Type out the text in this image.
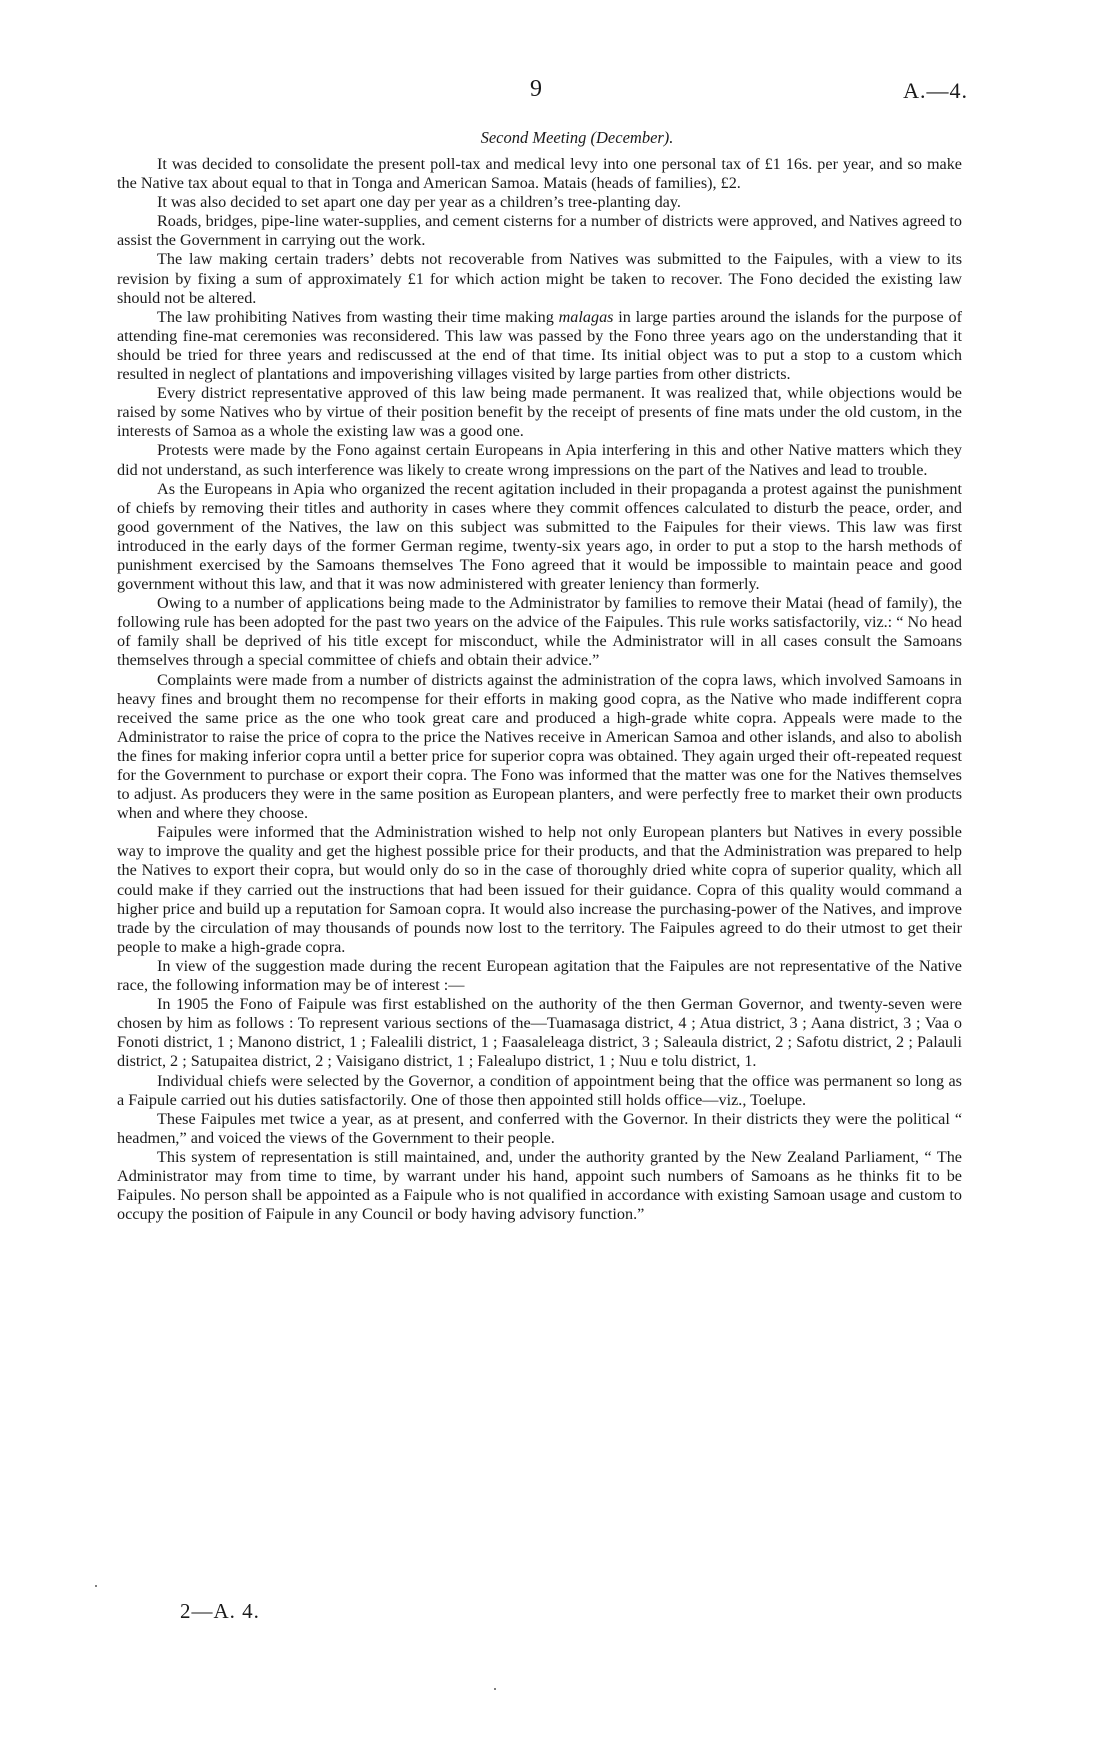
9	A.—4.
Second Meeting (December).

It was decided to consolidate the present poll-tax and medical levy into one personal tax of £1 16s. per year, and so make the Native tax about equal to that in Tonga and American Samoa. Matais (heads of families), £2.

It was also decided to set apart one day per year as a children’s tree-planting day.

Roads, bridges, pipe-line water-supplies, and cement cisterns for a number of districts were approved, and Natives agreed to assist the Government in carrying out the work.

The law making certain traders’ debts not recoverable from Natives was submitted to the Faipules, with a view to its revision by fixing a sum of approximately £1 for which action might be taken to recover. The Fono decided the existing law should not be altered.

The law prohibiting Natives from wasting their time making malagas in large parties around the islands for the purpose of attending fine-mat ceremonies was reconsidered. This law was passed by the Fono three years ago on the understanding that it should be tried for three years and rediscussed at the end of that time. Its initial object was to put a stop to a custom which resulted in neglect of plantations and impoverishing villages visited by large parties from other districts.

Every district representative approved of this law being made permanent. It was realized that, while objections would be raised by some Natives who by virtue of their position benefit by the receipt of presents of fine mats under the old custom, in the interests of Samoa as a whole the existing law was a good one.

Protests were made by the Fono against certain Europeans in Apia interfering in this and other Native matters which they did not understand, as such interference was likely to create wrong impressions on the part of the Natives and lead to trouble.

As the Europeans in Apia who organized the recent agitation included in their propaganda a protest against the punishment of chiefs by removing their titles and authority in cases where they commit offences calculated to disturb the peace, order, and good government of the Natives, the law on this subject was submitted to the Faipules for their views. This law was first introduced in the early days of the former German regime, twenty-six years ago, in order to put a stop to the harsh methods of punishment exercised by the Samoans themselves The Fono agreed that it would be impossible to maintain peace and good government without this law, and that it was now administered with greater leniency than formerly.

Owing to a number of applications being made to the Administrator by families to remove their Matai (head of family), the following rule has been adopted for the past two years on the advice of the Faipules. This rule works satisfactorily, viz.: “ No head of family shall be deprived of his title except for misconduct, while the Administrator will in all cases consult the Samoans themselves through a special committee of chiefs and obtain their advice.”

Complaints were made from a number of districts against the administration of the copra laws, which involved Samoans in heavy fines and brought them no recompense for their efforts in making good copra, as the Native who made indifferent copra received the same price as the one who took great care and produced a high-grade white copra. Appeals were made to the Administrator to raise the price of copra to the price the Natives receive in American Samoa and other islands, and also to abolish the fines for making inferior copra until a better price for superior copra was obtained. They again urged their oft-repeated request for the Government to purchase or export their copra. The Fono was informed that the matter was one for the Natives themselves to adjust. As producers they were in the same position as European planters, and were perfectly free to market their own products when and where they choose.

Faipules were informed that the Administration wished to help not only European planters but Natives in every possible way to improve the quality and get the highest possible price for their products, and that the Administration was prepared to help the Natives to export their copra, but would only do so in the case of thoroughly dried white copra of superior quality, which all could make if they carried out the instructions that had been issued for their guidance. Copra of this quality would command a higher price and build up a reputation for Samoan copra. It would also increase the purchasing-power of the Natives, and improve trade by the circulation of may thousands of pounds now lost to the territory. The Faipules agreed to do their utmost to get their people to make a high-grade copra.

In view of the suggestion made during the recent European agitation that the Faipules are not representative of the Native race, the following information may be of interest :—

In 1905 the Fono of Faipule was first established on the authority of the then German Governor, and twenty-seven were chosen by him as follows : To represent various sections of the—Tuamasaga district, 4 ; Atua district, 3 ; Aana district, 3 ; Vaa o Fonoti district, 1 ; Manono district, 1 ; Falealili district, 1 ; Faasaleleaga district, 3 ; Saleaula district, 2 ; Safotu district, 2 ; Palauli district, 2 ; Satupaitea district, 2 ; Vaisigano district, 1 ; Falealupo district, 1 ; Nuu e tolu district, 1.

Individual chiefs were selected by the Governor, a condition of appointment being that the office was permanent so long as a Faipule carried out his duties satisfactorily. One of those then appointed still holds office—viz., Toelupe.

These Faipules met twice a year, as at present, and conferred with the Governor. In their districts they were the political “ headmen,” and voiced the views of the Government to their people.

This system of representation is still maintained, and, under the authority granted by the New Zealand Parliament, “ The Administrator may from time to time, by warrant under his hand, appoint such numbers of Samoans as he thinks fit to be Faipules. No person shall be appointed as a Faipule who is not qualified in accordance with existing Samoan usage and custom to occupy the position of Faipule in any Council or body having advisory function.”

2—A. 4.
